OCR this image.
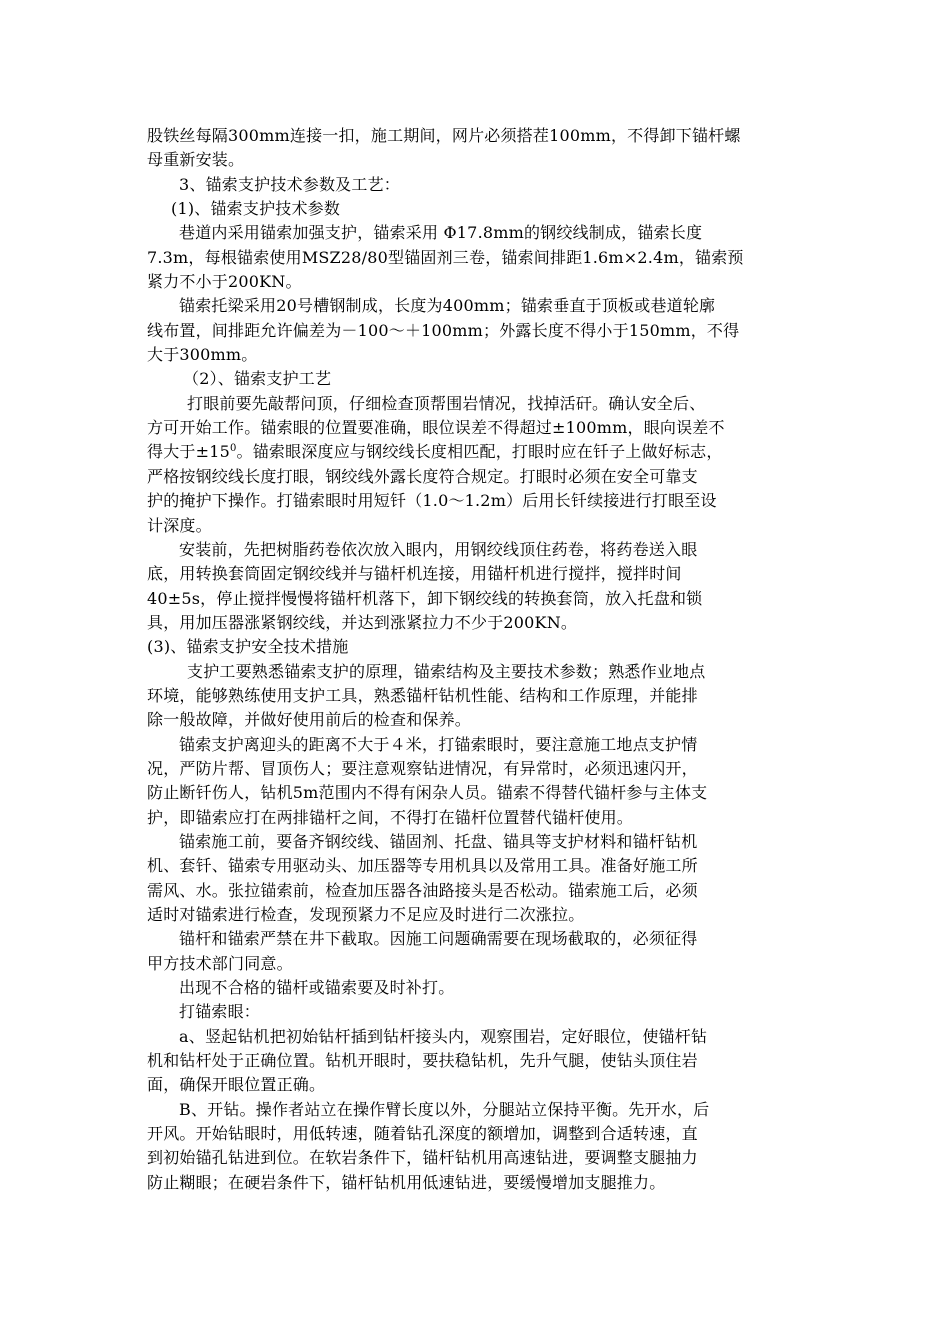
股铁丝每隔300mm连接一扣，施工期间，网片必须搭茬100mm，不得卸下锚杆螺
母重新安装。
3、锚索支护技术参数及工艺：
(1)、锚索支护技术参数
巷道内采用锚索加强支护，锚索采用 Φ17.8mm的钢绞线制成，锚索长度
7.3m，每根锚索使用MSZ28/80型锚固剂三卷，锚索间排距1.6m×2.4m，锚索预
紧力不小于200KN。
锚索托梁采用20号槽钢制成，长度为400mm；锚索垂直于顶板或巷道轮廓
线布置，间排距允许偏差为－100～＋100mm；外露长度不得小于150mm，不得
大于300mm。
（2）、锚索支护工艺
打眼前要先敲帮问顶，仔细检查顶帮围岩情况，找掉活矸。确认安全后、
方可开始工作。锚索眼的位置要准确，眼位误差不得超过±100mm，眼向误差不
得大于$\pm 15^0$。锚索眼深度应与钢绞线长度相匹配，打眼时应在钎子上做好标志，
严格按钢绞线长度打眼，钢绞线外露长度符合规定。打眼时必须在安全可靠支
护的掩护下操作。打锚索眼时用短钎（1.0～1.2m）后用长钎续接进行打眼至设
计深度。
安装前，先把树脂药卷依次放入眼内，用钢绞线顶住药卷，将药卷送入眼
底，用转换套筒固定钢绞线并与锚杆机连接，用锚杆机进行搅拌，搅拌时间
40±5s，停止搅拌慢慢将锚杆机落下，卸下钢绞线的转换套筒，放入托盘和锁
具，用加压器涨紧钢绞线，并达到涨紧拉力不少于200KN。
(3)、锚索支护安全技术措施
支护工要熟悉锚索支护的原理，锚索结构及主要技术参数；熟悉作业地点
环境，能够熟练使用支护工具，熟悉锚杆钻机性能、结构和工作原理，并能排
除一般故障，并做好使用前后的检查和保养。
锚索支护离迎头的距离不大于４米，打锚索眼时，要注意施工地点支护情
况，严防片帮、冒顶伤人；要注意观察钻进情况，有异常时，必须迅速闪开，
防止断钎伤人，钻机5m范围内不得有闲杂人员。锚索不得替代锚杆参与主体支
护，即锚索应打在两排锚杆之间，不得打在锚杆位置替代锚杆使用。
锚索施工前，要备齐钢绞线、锚固剂、托盘、锚具等支护材料和锚杆钻机
机、套钎、锚索专用驱动头、加压器等专用机具以及常用工具。准备好施工所
需风、水。张拉锚索前，检查加压器各油路接头是否松动。锚索施工后，必须
适时对锚索进行检查，发现预紧力不足应及时进行二次涨拉。
锚杆和锚索严禁在井下截取。因施工问题确需要在现场截取的，必须征得
甲方技术部门同意。
出现不合格的锚杆或锚索要及时补打。
打锚索眼：
a、竖起钻机把初始钻杆插到钻杆接头内，观察围岩，定好眼位，使锚杆钻
机和钻杆处于正确位置。钻机开眼时，要扶稳钻机，先升气腿，使钻头顶住岩
面，确保开眼位置正确。
B、开钻。操作者站立在操作臂长度以外，分腿站立保持平衡。先开水，后
开风。开始钻眼时，用低转速，随着钻孔深度的额增加，调整到合适转速，直
到初始锚孔钻进到位。在软岩条件下，锚杆钻机用高速钻进，要调整支腿抽力
防止糊眼；在硬岩条件下，锚杆钻机用低速钻进，要缓慢增加支腿推力。
